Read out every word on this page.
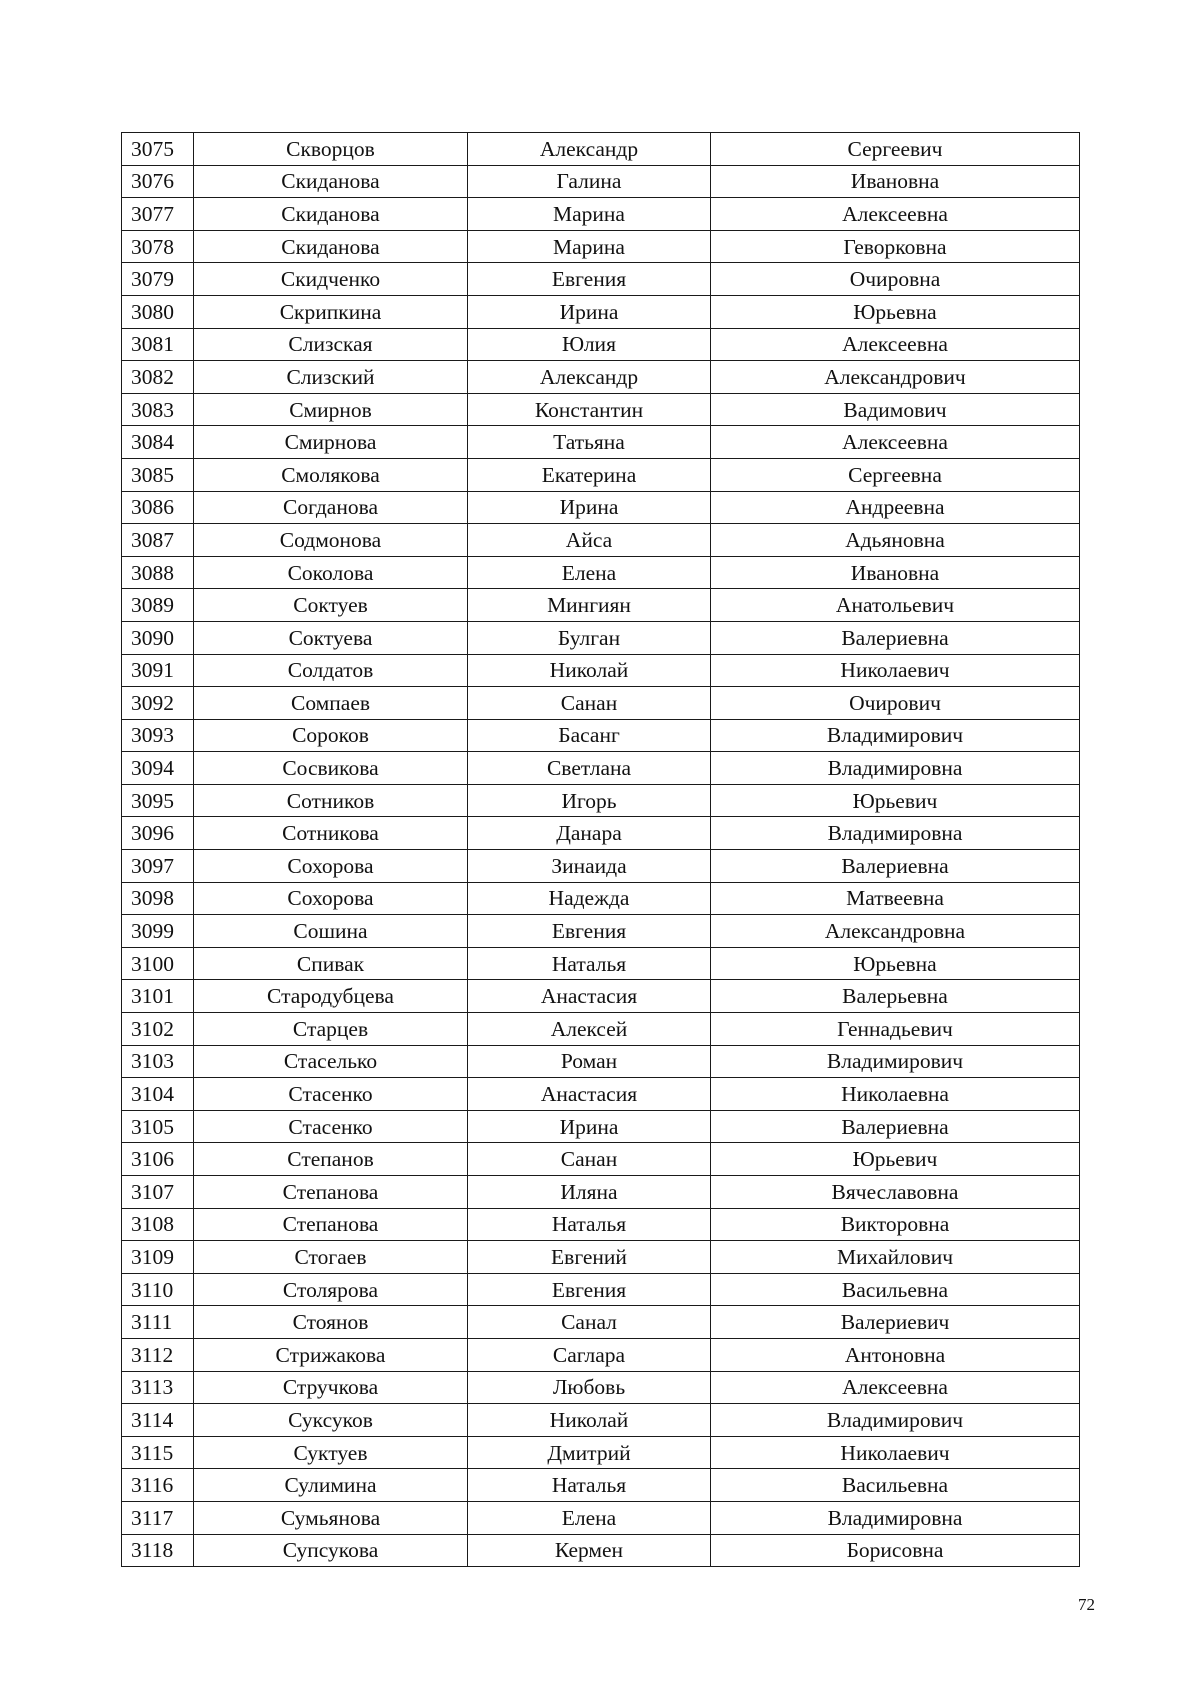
3075	Скворцов	Александр	Сергеевич
3076	Скиданова	Галина	Ивановна
3077	Скиданова	Марина	Алексеевна
3078	Скиданова	Марина	Геворковна
3079	Скидченко	Евгения	Очировна
3080	Скрипкина	Ирина	Юрьевна
3081	Слизская	Юлия	Алексеевна
3082	Слизский	Александр	Александрович
3083	Смирнов	Константин	Вадимович
3084	Смирнова	Татьяна	Алексеевна
3085	Смолякова	Екатерина	Сергеевна
3086	Согданова	Ирина	Андреевна
3087	Содмонова	Айса	Адьяновна
3088	Соколова	Елена	Ивановна
3089	Соктуев	Мингиян	Анатольевич
3090	Соктуева	Булган	Валериевна
3091	Солдатов	Николай	Николаевич
3092	Сомпаев	Санан	Очирович
3093	Сороков	Басанг	Владимирович
3094	Сосвикова	Светлана	Владимировна
3095	Сотников	Игорь	Юрьевич
3096	Сотникова	Данара	Владимировна
3097	Сохорова	Зинаида	Валериевна
3098	Сохорова	Надежда	Матвеевна
3099	Сошина	Евгения	Александровна
3100	Спивак	Наталья	Юрьевна
3101	Стародубцева	Анастасия	Валерьевна
3102	Старцев	Алексей	Геннадьевич
3103	Стаселько	Роман	Владимирович
3104	Стасенко	Анастасия	Николаевна
3105	Стасенко	Ирина	Валериевна
3106	Степанов	Санан	Юрьевич
3107	Степанова	Иляна	Вячеславовна
3108	Степанова	Наталья	Викторовна
3109	Стогаев	Евгений	Михайлович
3110	Столярова	Евгения	Васильевна
3111	Стоянов	Санал	Валериевич
3112	Стрижакова	Саглара	Антоновна
3113	Стручкова	Любовь	Алексеевна
3114	Суксуков	Николай	Владимирович
3115	Суктуев	Дмитрий	Николаевич
3116	Сулимина	Наталья	Васильевна
3117	Сумьянова	Елена	Владимировна
3118	Супсукова	Кермен	Борисовна
72
